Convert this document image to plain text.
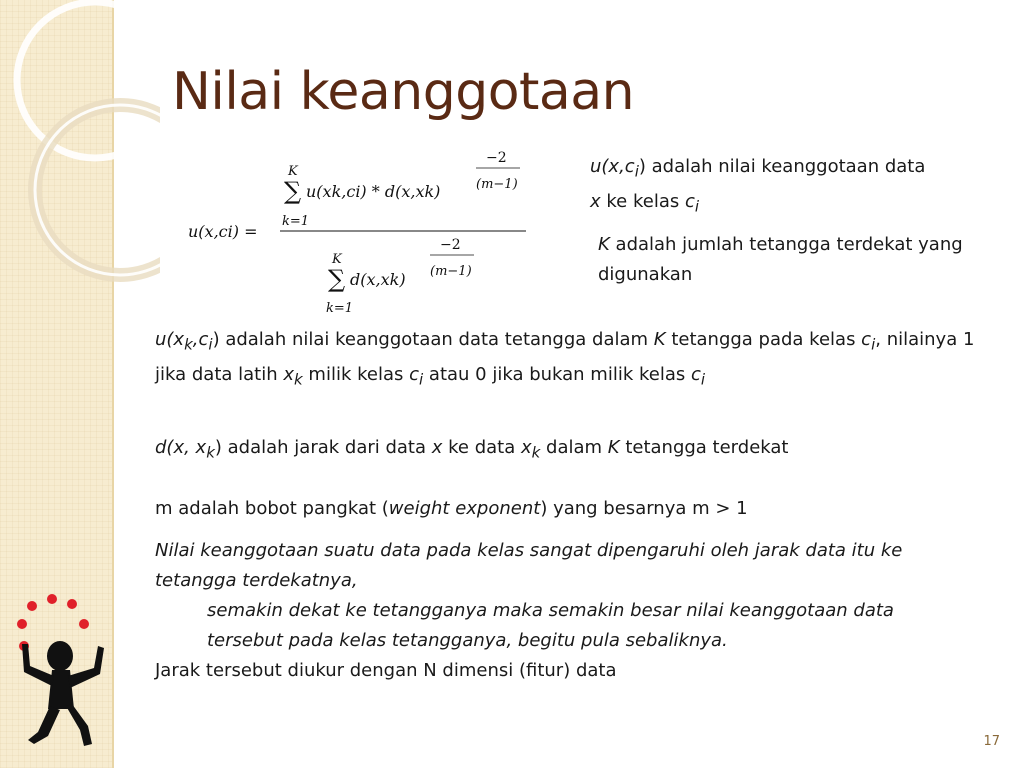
Nilai keanggotaan
u(x,ci) =
K
∑
k=1
u(xk,ci) * d(x,xk)
−2
(m−1)
K
∑
k=1
d(x,xk)
−2
(m−1)

$u(x,c_i)$ adalah nilai keanggotaan data
x ke kelas $c_i$

K adalah jumlah tetangga terdekat yang digunakan

$u(x_k,c_i)$ adalah nilai keanggotaan data tetangga dalam K tetangga pada kelas $c_i$, nilainya 1 jika data latih $x_k$ milik kelas $c_i$ atau 0 jika bukan milik kelas $c_i$

d(x, $x_k$) adalah jarak dari data x ke data $x_k$ dalam K tetangga terdekat

m adalah bobot pangkat (weight exponent) yang besarnya m > 1

Nilai keanggotaan suatu data pada kelas sangat dipengaruhi oleh jarak data itu ke tetangga terdekatnya,
semakin dekat ke tetangganya maka semakin besar nilai keanggotaan data tersebut pada kelas tetangganya, begitu pula sebaliknya.
Jarak tersebut diukur dengan N dimensi (fitur) data
17
